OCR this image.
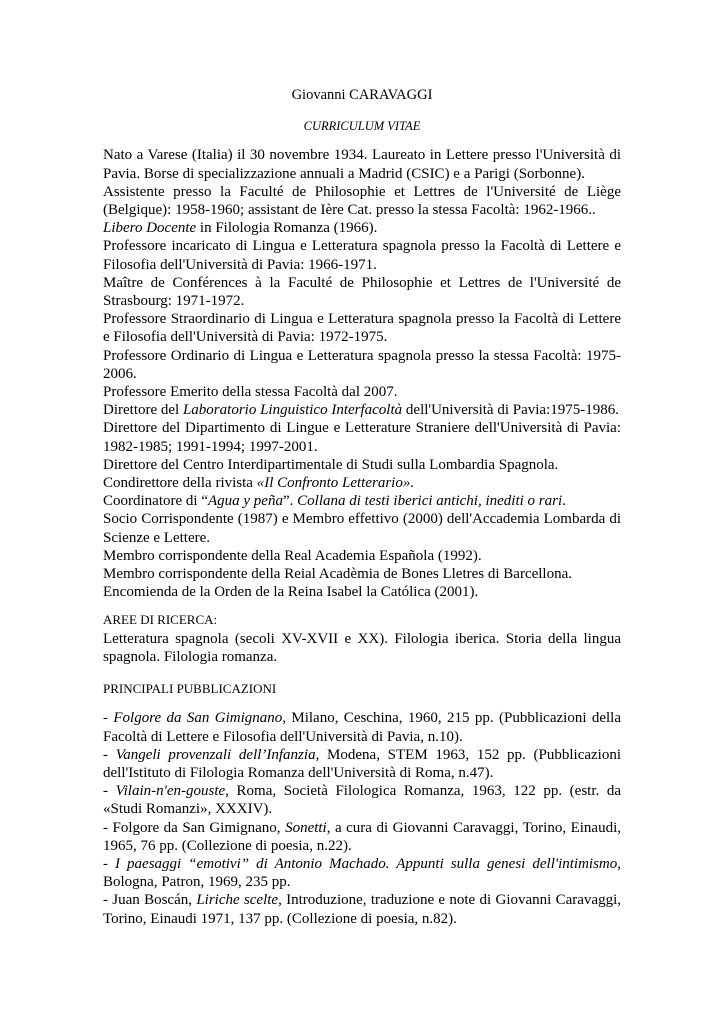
Giovanni CARAVAGGI
CURRICULUM VITAE

Nato a Varese (Italia) il 30 novembre 1934. Laureato in Lettere presso l'Università di Pavia. Borse di specializzazione annuali a Madrid (CSIC) e a Parigi (Sorbonne).

Assistente presso la Faculté de Philosophie et Lettres de l'Université de Liège (Belgique): 1958-1960; assistant de Ière Cat. presso la stessa Facoltà: 1962-1966..

Libero Docente in Filologia Romanza (1966).

Professore incaricato di Lingua e Letteratura spagnola presso la Facoltà di Lettere e Filosofia dell'Università di Pavia: 1966-1971.

Maître de Conférences à la Faculté de Philosophie et Lettres de l'Université de Strasbourg: 1971-1972.

Professore Straordinario di Lingua e Letteratura spagnola presso la Facoltà di Lettere e Filosofia dell'Università di Pavia: 1972-1975.

Professore Ordinario di Lingua e Letteratura spagnola presso la stessa Facoltà: 1975-2006.

Professore Emerito della stessa Facoltà dal 2007.

Direttore del Laboratorio Linguistico Interfacoltà dell'Università di Pavia:1975-1986.

Direttore del Dipartimento di Lingue e Letterature Straniere dell'Università di Pavia: 1982-1985; 1991-1994; 1997-2001.

Direttore del Centro Interdipartimentale di Studi sulla Lombardia Spagnola.

Condirettore della rivista «Il Confronto Letterario».

Coordinatore di “Agua y peña”. Collana di testi iberici antichi, inediti o rari.

Socio Corrispondente (1987) e Membro effettivo (2000) dell'Accademia Lombarda di Scienze e Lettere.

Membro corrispondente della Real Academia Española (1992).

Membro corrispondente della Reial Acadèmia de Bones Lletres di Barcellona.

Encomienda de la Orden de la Reina Isabel la Católica (2001).

AREE DI RICERCA:

Letteratura spagnola (secoli XV-XVII e XX). Filologia iberica. Storia della lingua spagnola. Filologia romanza.

PRINCIPALI PUBBLICAZIONI

- Folgore da San Gimignano, Milano, Ceschina, 1960, 215 pp. (Pubblicazioni della Facoltà di Lettere e Filosofia dell'Università di Pavia, n.10).

- Vangeli provenzali dell’Infanzia, Modena, STEM 1963, 152 pp. (Pubblicazioni dell'Istituto di Filologia Romanza dell'Università di Roma, n.47).

- Vilain-n'en-gouste, Roma, Società Filologica Romanza, 1963, 122 pp. (estr. da «Studi Romanzi», XXXIV).

- Folgore da San Gimignano, Sonetti, a cura di Giovanni Caravaggi, Torino, Einaudi, 1965, 76 pp. (Collezione di poesia, n.22).

- I paesaggi “emotivi” di Antonio Machado. Appunti sulla genesi dell'intimismo, Bologna, Patron, 1969, 235 pp.

- Juan Boscán, Liriche scelte, Introduzione, traduzione e note di Giovanni Caravaggi, Torino, Einaudi 1971, 137 pp. (Collezione di poesia, n.82).
